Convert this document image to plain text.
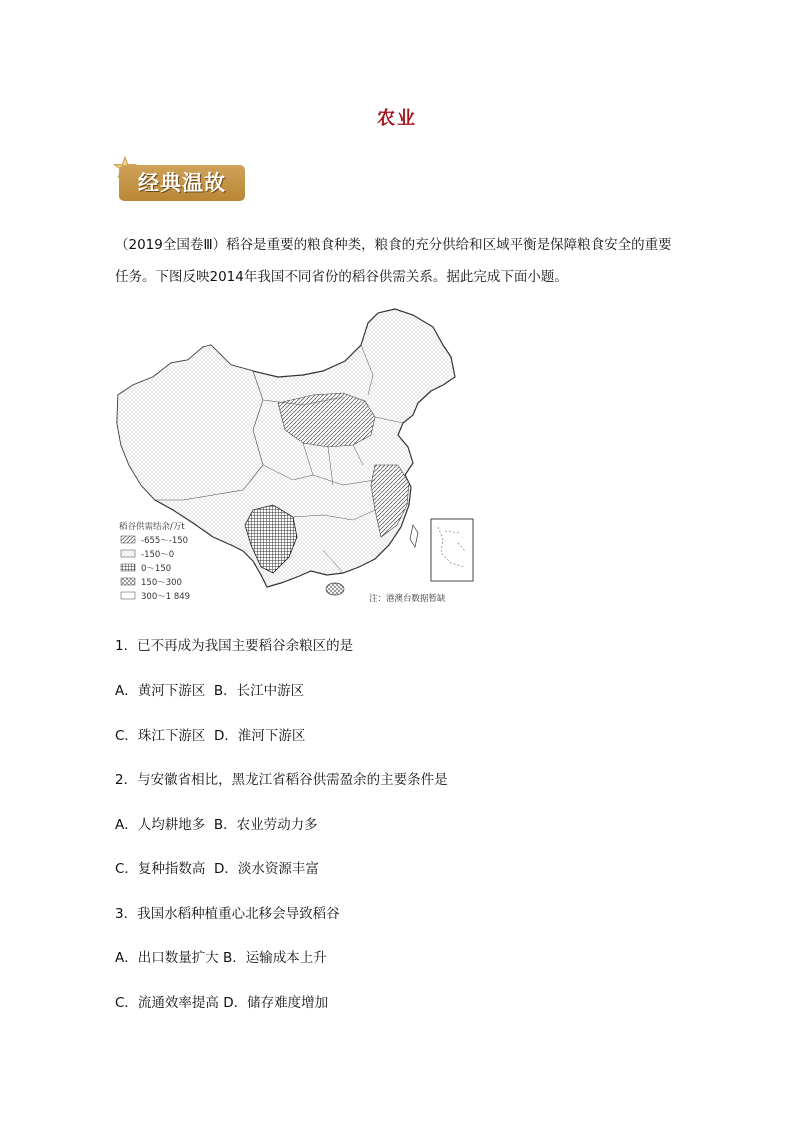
农业
经典温故
（2019全国卷Ⅲ）稻谷是重要的粮食种类，粮食的充分供给和区域平衡是保障粮食安全的重要任务。下图反映2014年我国不同省份的稻谷供需关系。据此完成下面小题。
稻谷供需结余/万t
-655～-150
-150～0
0～150
150～300
300～1 849	注：港澳台数据暂缺
1．已不再成为我国主要稻谷余粮区的是
A．黄河下游区 B．长江中游区
C．珠江下游区 D．淮河下游区
2．与安徽省相比，黑龙江省稻谷供需盈余的主要条件是
A．人均耕地多 B．农业劳动力多
C．复种指数高 D．淡水资源丰富
3．我国水稻种植重心北移会导致稻谷
A．出口数量扩大 B．运输成本上升
C．流通效率提高 D．储存难度增加
